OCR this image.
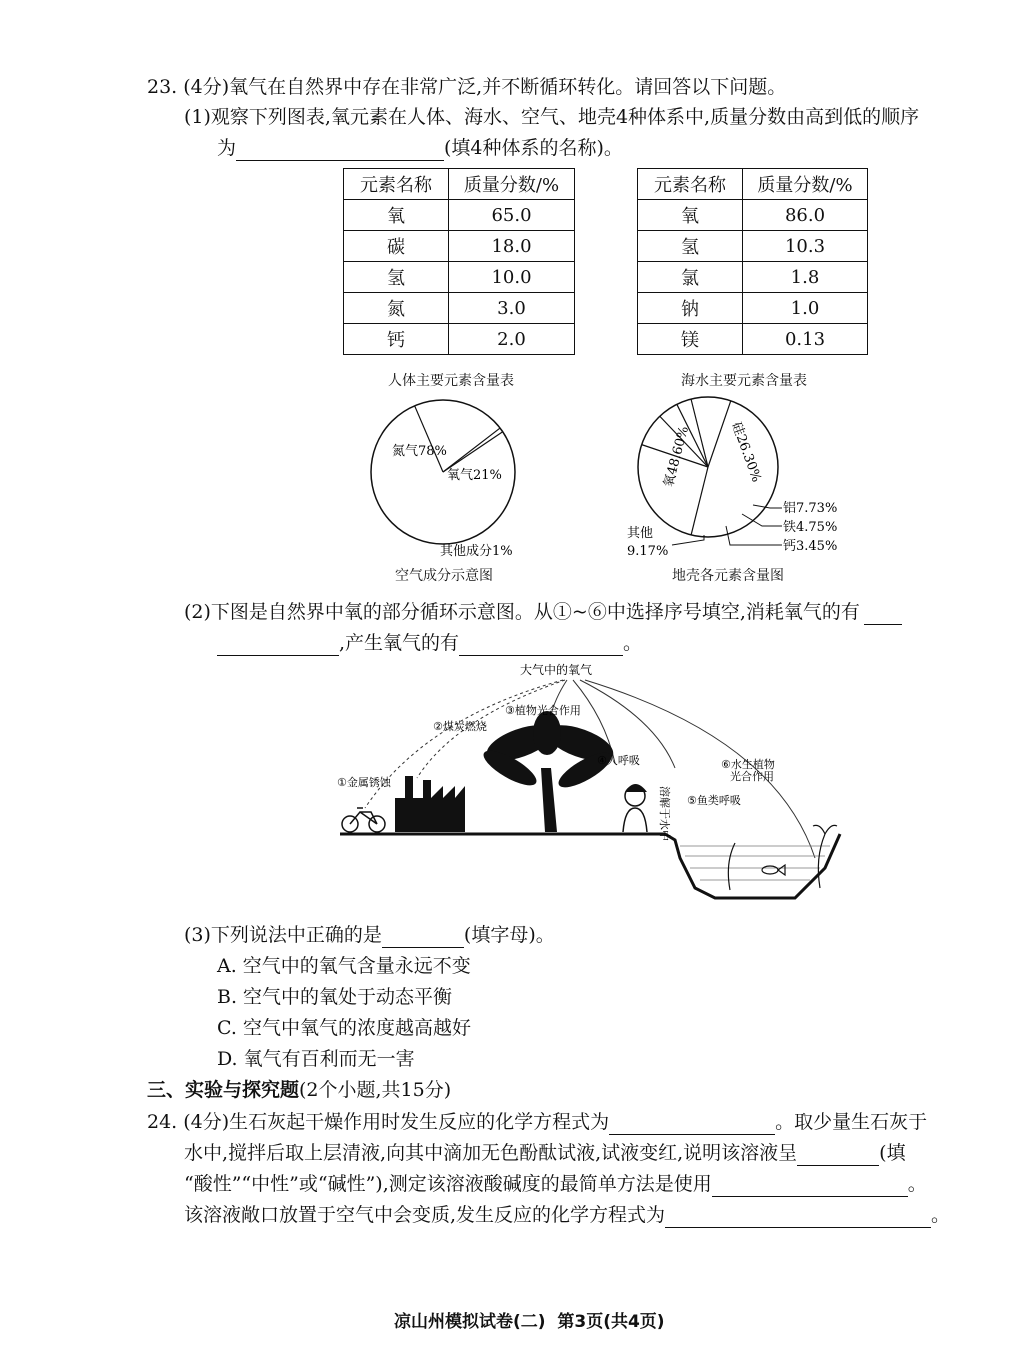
23. (4分)氧气在自然界中存在非常广泛,并不断循环转化。请回答以下问题。
(1)观察下列图表,氧元素在人体、海水、空气、地壳4种体系中,质量分数由高到低的顺序
为	(填4种体系的名称)。
元素名称	质量分数/%
氧	65.0
碳	18.0
氢	10.0
氮	3.0
钙	2.0
人体主要元素含量表
元素名称	质量分数/%
氧	86.0
氢	10.3
氯	1.8
钠	1.0
镁	0.13
海水主要元素含量表
氮气78%
氧气21%
其他成分1%
空气成分示意图
氧48.60%	硅26.30%
铝7.73%
铁4.75%
钙3.45%
其他
9.17%
地壳各元素含量图
(2)下图是自然界中氧的部分循环示意图。从①~⑥中选择序号填空,消耗氧气的有
,产生氧气的有	。
大气中的氧气
①金属锈蚀
②煤炭燃烧
③植物光合作用
④人呼吸
⑤鱼类呼吸
⑥水生植物
光合作用
溶解于水中
(3)下列说法中正确的是	(填字母)。
A. 空气中的氧气含量永远不变
B. 空气中的氧处于动态平衡
C. 空气中氧气的浓度越高越好
D. 氧气有百利而无一害
三、实验与探究题(2个小题,共15分)
24. (4分)生石灰起干燥作用时发生反应的化学方程式为	。取少量生石灰于
水中,搅拌后取上层清液,向其中滴加无色酚酞试液,试液变红,说明该溶液呈	(填
“酸性”“中性”或“碱性”),测定该溶液酸碱度的最简单方法是使用	。
该溶液敞口放置于空气中会变质,发生反应的化学方程式为	。
凉山州模拟试卷(二)  第3页(共4页)
